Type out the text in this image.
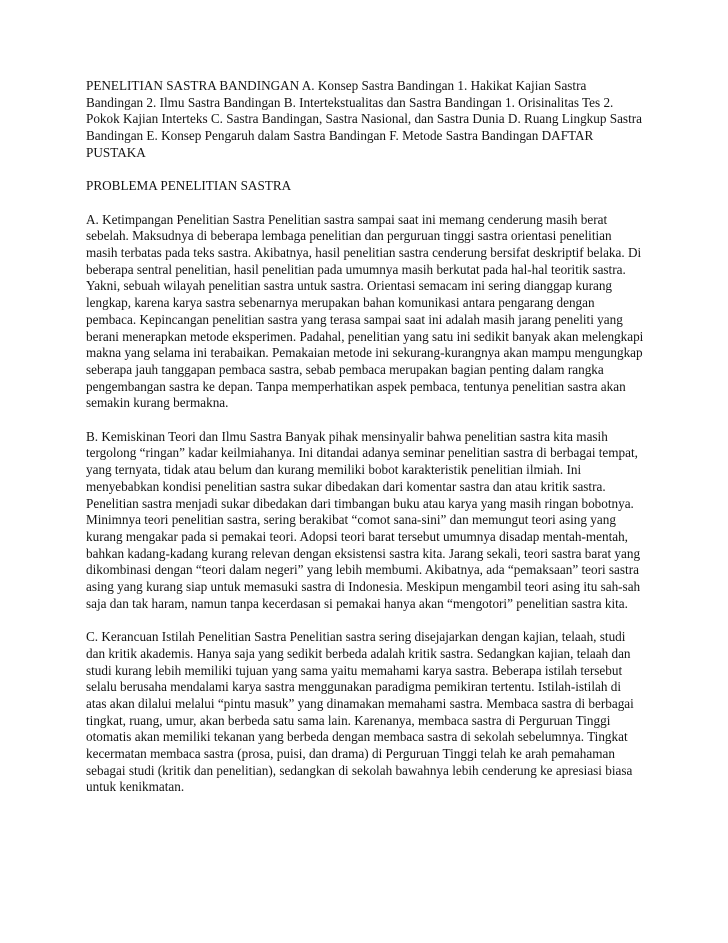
PENELITIAN SASTRA BANDINGAN A. Konsep Sastra Bandingan 1. Hakikat Kajian Sastra Bandingan 2. Ilmu Sastra Bandingan B. Intertekstualitas dan Sastra Bandingan 1. Orisinalitas Tes 2. Pokok Kajian Interteks C. Sastra Bandingan, Sastra Nasional, dan Sastra Dunia D. Ruang Lingkup Sastra Bandingan E. Konsep Pengaruh dalam Sastra Bandingan F. Metode Sastra Bandingan DAFTAR PUSTAKA

PROBLEMA PENELITIAN SASTRA

A. Ketimpangan Penelitian Sastra Penelitian sastra sampai saat ini memang cenderung masih berat sebelah. Maksudnya di beberapa lembaga penelitian dan perguruan tinggi sastra orientasi penelitian masih terbatas pada teks sastra. Akibatnya, hasil penelitian sastra cenderung bersifat deskriptif belaka. Di beberapa sentral penelitian, hasil penelitian pada umumnya masih berkutat pada hal-hal teoritik sastra. Yakni, sebuah wilayah penelitian sastra untuk sastra. Orientasi semacam ini sering dianggap kurang lengkap, karena karya sastra sebenarnya merupakan bahan komunikasi antara pengarang dengan pembaca. Kepincangan penelitian sastra yang terasa sampai saat ini adalah masih jarang peneliti yang berani menerapkan metode eksperimen. Padahal, penelitian yang satu ini sedikit banyak akan melengkapi makna yang selama ini terabaikan. Pemakaian metode ini sekurang-kurangnya akan mampu mengungkap seberapa jauh tanggapan pembaca sastra, sebab pembaca merupakan bagian penting dalam rangka pengembangan sastra ke depan. Tanpa memperhatikan aspek pembaca, tentunya penelitian sastra akan semakin kurang bermakna.

B. Kemiskinan Teori dan Ilmu Sastra Banyak pihak mensinyalir bahwa penelitian sastra kita masih tergolong “ringan” kadar keilmiahanya. Ini ditandai adanya seminar penelitian sastra di berbagai tempat, yang ternyata, tidak atau belum dan kurang memiliki bobot karakteristik penelitian ilmiah. Ini menyebabkan kondisi penelitian sastra sukar dibedakan dari komentar sastra dan atau kritik sastra. Penelitian sastra menjadi sukar dibedakan dari timbangan buku atau karya yang masih ringan bobotnya. Minimnya teori penelitian sastra, sering berakibat “comot sana-sini” dan memungut teori asing yang kurang mengakar pada si pemakai teori. Adopsi teori barat tersebut umumnya disadap mentah-mentah, bahkan kadang-kadang kurang relevan dengan eksistensi sastra kita. Jarang sekali, teori sastra barat yang dikombinasi dengan “teori dalam negeri” yang lebih membumi. Akibatnya, ada “pemaksaan” teori sastra asing yang kurang siap untuk memasuki sastra di Indonesia. Meskipun mengambil teori asing itu sah-sah saja dan tak haram, namun tanpa kecerdasan si pemakai hanya akan “mengotori” penelitian sastra kita.

C. Kerancuan Istilah Penelitian Sastra Penelitian sastra sering disejajarkan dengan kajian, telaah, studi dan kritik akademis. Hanya saja yang sedikit berbeda adalah kritik sastra. Sedangkan kajian, telaah dan studi kurang lebih memiliki tujuan yang sama yaitu memahami karya sastra. Beberapa istilah tersebut selalu berusaha mendalami karya sastra menggunakan paradigma pemikiran tertentu. Istilah-istilah di atas akan dilalui melalui “pintu masuk” yang dinamakan memahami sastra. Membaca sastra di berbagai tingkat, ruang, umur, akan berbeda satu sama lain. Karenanya, membaca sastra di Perguruan Tinggi otomatis akan memiliki tekanan yang berbeda dengan membaca sastra di sekolah sebelumnya. Tingkat kecermatan membaca sastra (prosa, puisi, dan drama) di Perguruan Tinggi telah ke arah pemahaman sebagai studi (kritik dan penelitian), sedangkan di sekolah bawahnya lebih cenderung ke apresiasi biasa untuk kenikmatan.
